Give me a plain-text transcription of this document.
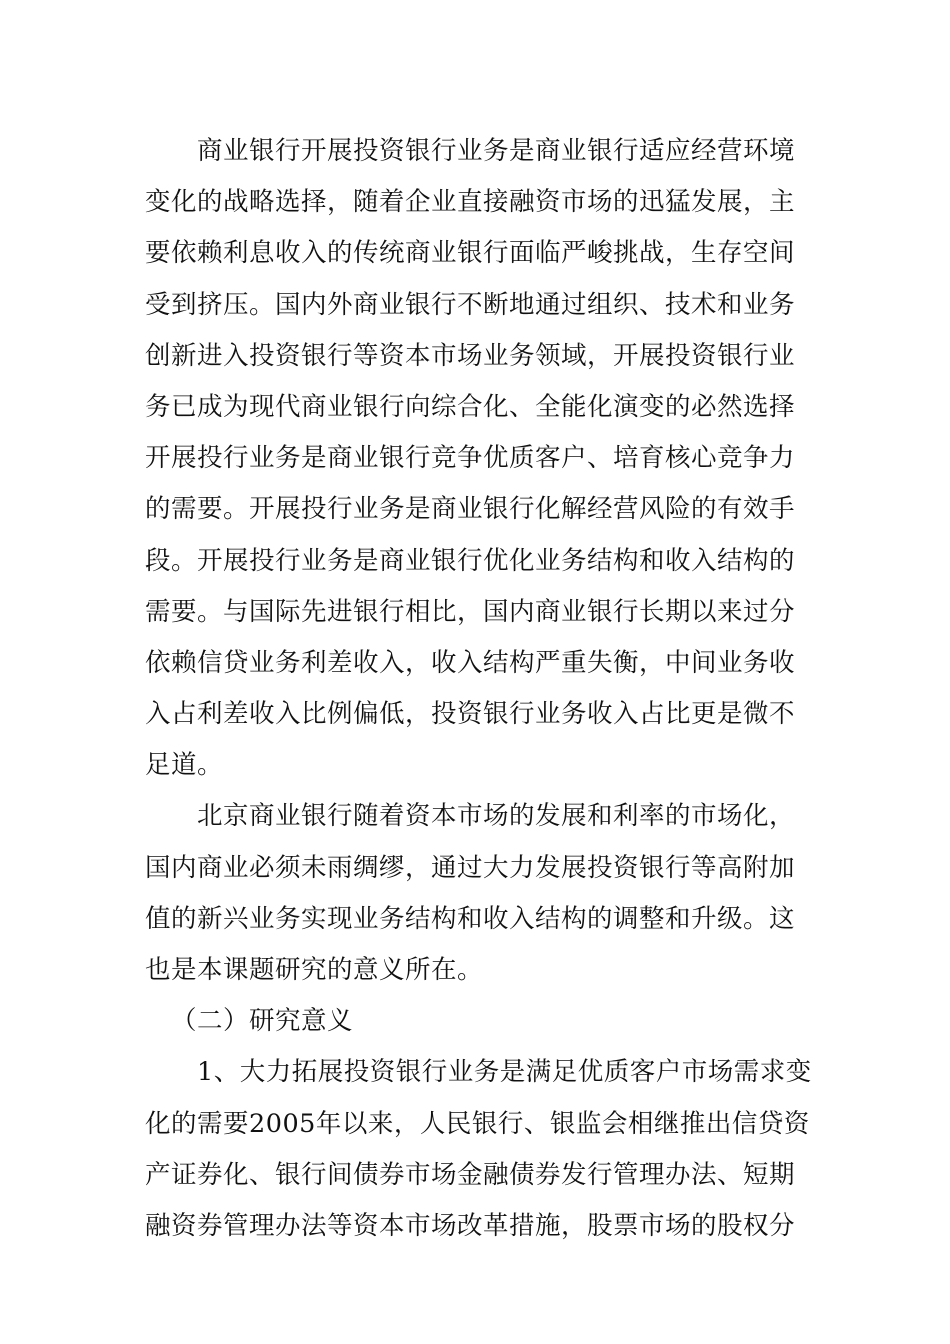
商业银行开展投资银行业务是商业银行适应经营环境
变化的战略选择，随着企业直接融资市场的迅猛发展，主
要依赖利息收入的传统商业银行面临严峻挑战，生存空间
受到挤压。国内外商业银行不断地通过组织、技术和业务
创新进入投资银行等资本市场业务领域，开展投资银行业
务已成为现代商业银行向综合化、全能化演变的必然选择
开展投行业务是商业银行竞争优质客户、培育核心竞争力
的需要。开展投行业务是商业银行化解经营风险的有效手
段。开展投行业务是商业银行优化业务结构和收入结构的
需要。与国际先进银行相比，国内商业银行长期以来过分
依赖信贷业务利差收入，收入结构严重失衡，中间业务收
入占利差收入比例偏低，投资银行业务收入占比更是微不
足道。
北京商业银行随着资本市场的发展和利率的市场化，
国内商业必须未雨绸缪，通过大力发展投资银行等高附加
值的新兴业务实现业务结构和收入结构的调整和升级。这
也是本课题研究的意义所在。
（二）研究意义
1、大力拓展投资银行业务是满足优质客户市场需求变
化的需要2005年以来，人民银行、银监会相继推出信贷资
产证券化、银行间债券市场金融债券发行管理办法、短期
融资券管理办法等资本市场改革措施，股票市场的股权分
